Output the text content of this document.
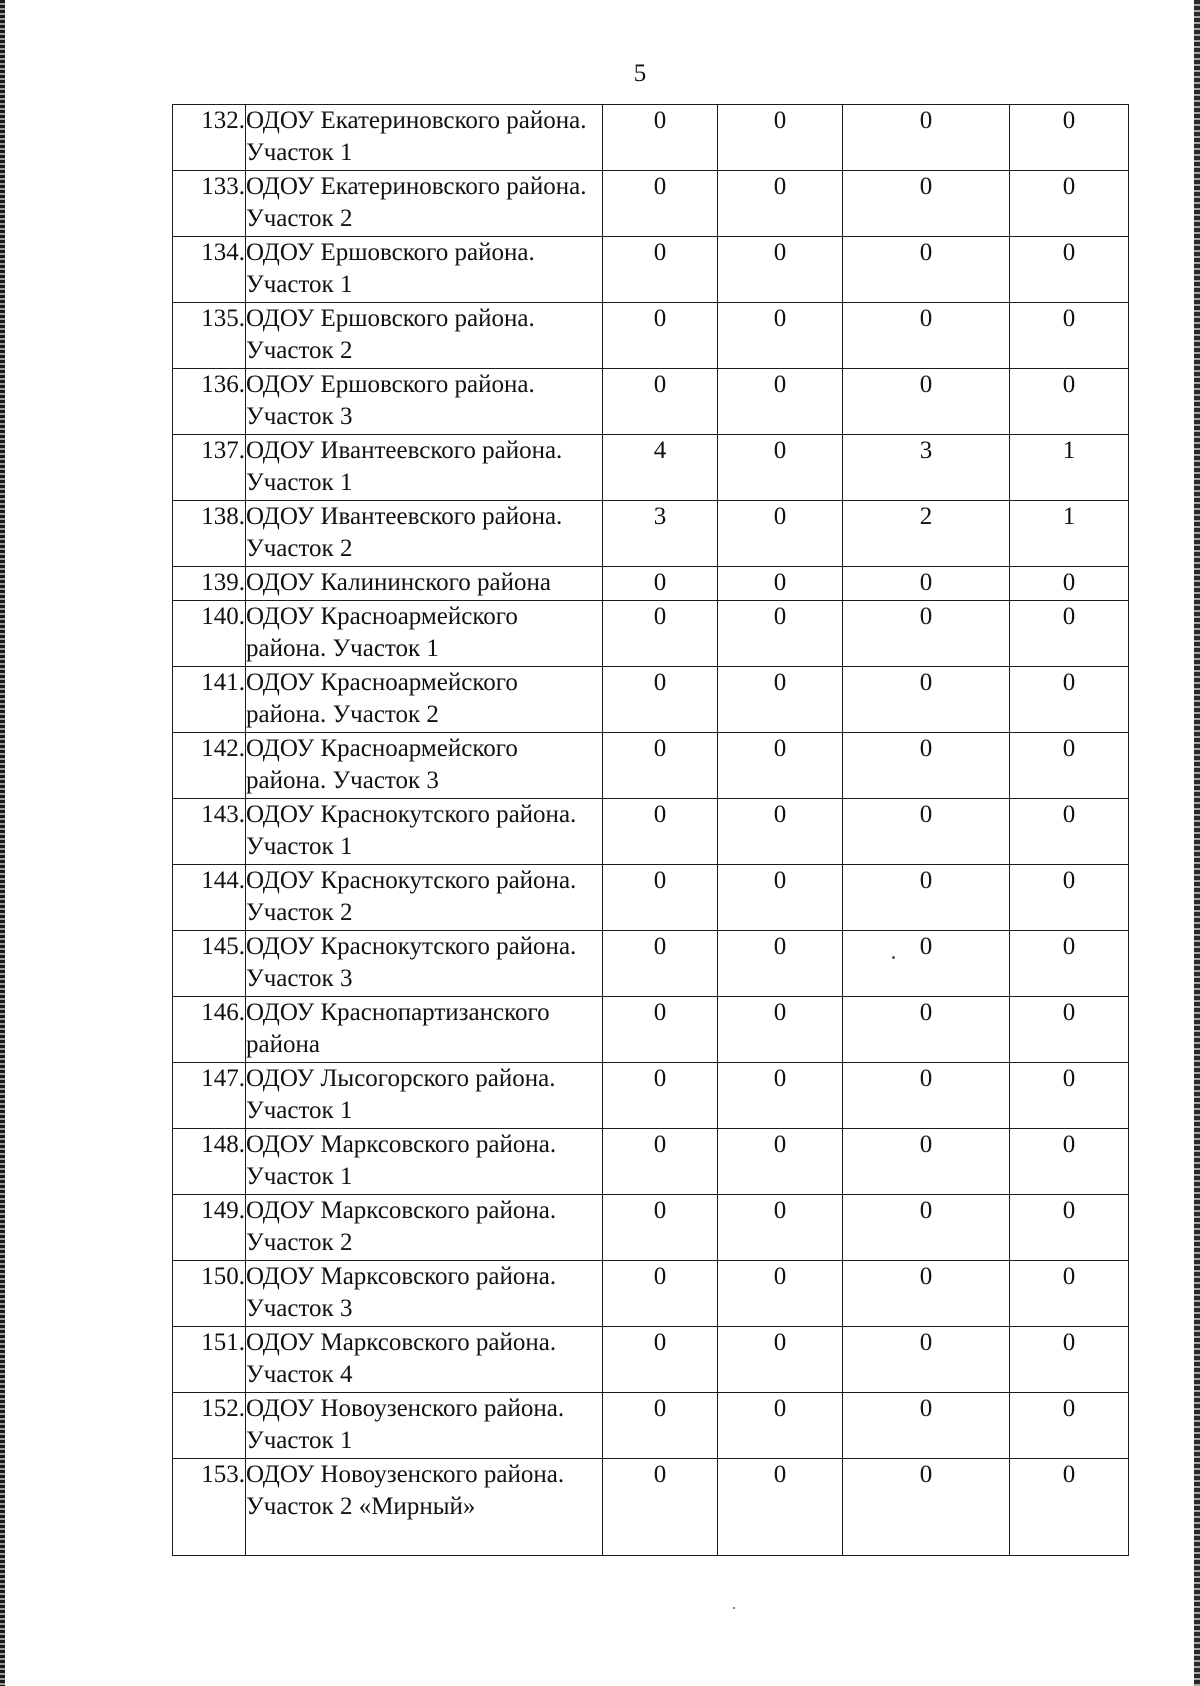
5
132.	ОДОУ Екатериновского района. Участок 1	0	0	0	0
133.	ОДОУ Екатериновского района. Участок 2	0	0	0	0
134.	ОДОУ Ершовского района. Участок 1	0	0	0	0
135.	ОДОУ Ершовского района. Участок 2	0	0	0	0
136.	ОДОУ Ершовского района. Участок 3	0	0	0	0
137.	ОДОУ Ивантеевского района. Участок 1	4	0	3	1
138.	ОДОУ Ивантеевского района. Участок 2	3	0	2	1
139.	ОДОУ Калининского района	0	0	0	0
140.	ОДОУ Красноармейского района. Участок 1	0	0	0	0
141.	ОДОУ Красноармейского района. Участок 2	0	0	0	0
142.	ОДОУ Красноармейского района. Участок 3	0	0	0	0
143.	ОДОУ Краснокутского района. Участок 1	0	0	0	0
144.	ОДОУ Краснокутского района. Участок 2	0	0	0	0
145.	ОДОУ Краснокутского района. Участок 3	0	0	0	0
146.	ОДОУ Краснопартизанского района	0	0	0	0
147.	ОДОУ Лысогорского района. Участок 1	0	0	0	0
148.	ОДОУ Марксовского района. Участок 1	0	0	0	0
149.	ОДОУ Марксовского района. Участок 2	0	0	0	0
150.	ОДОУ Марксовского района. Участок 3	0	0	0	0
151.	ОДОУ Марксовского района. Участок 4	0	0	0	0
152.	ОДОУ Новоузенского района. Участок 1	0	0	0	0
153.	ОДОУ Новоузенского района. Участок 2 «Мирный»	0	0	0	0
